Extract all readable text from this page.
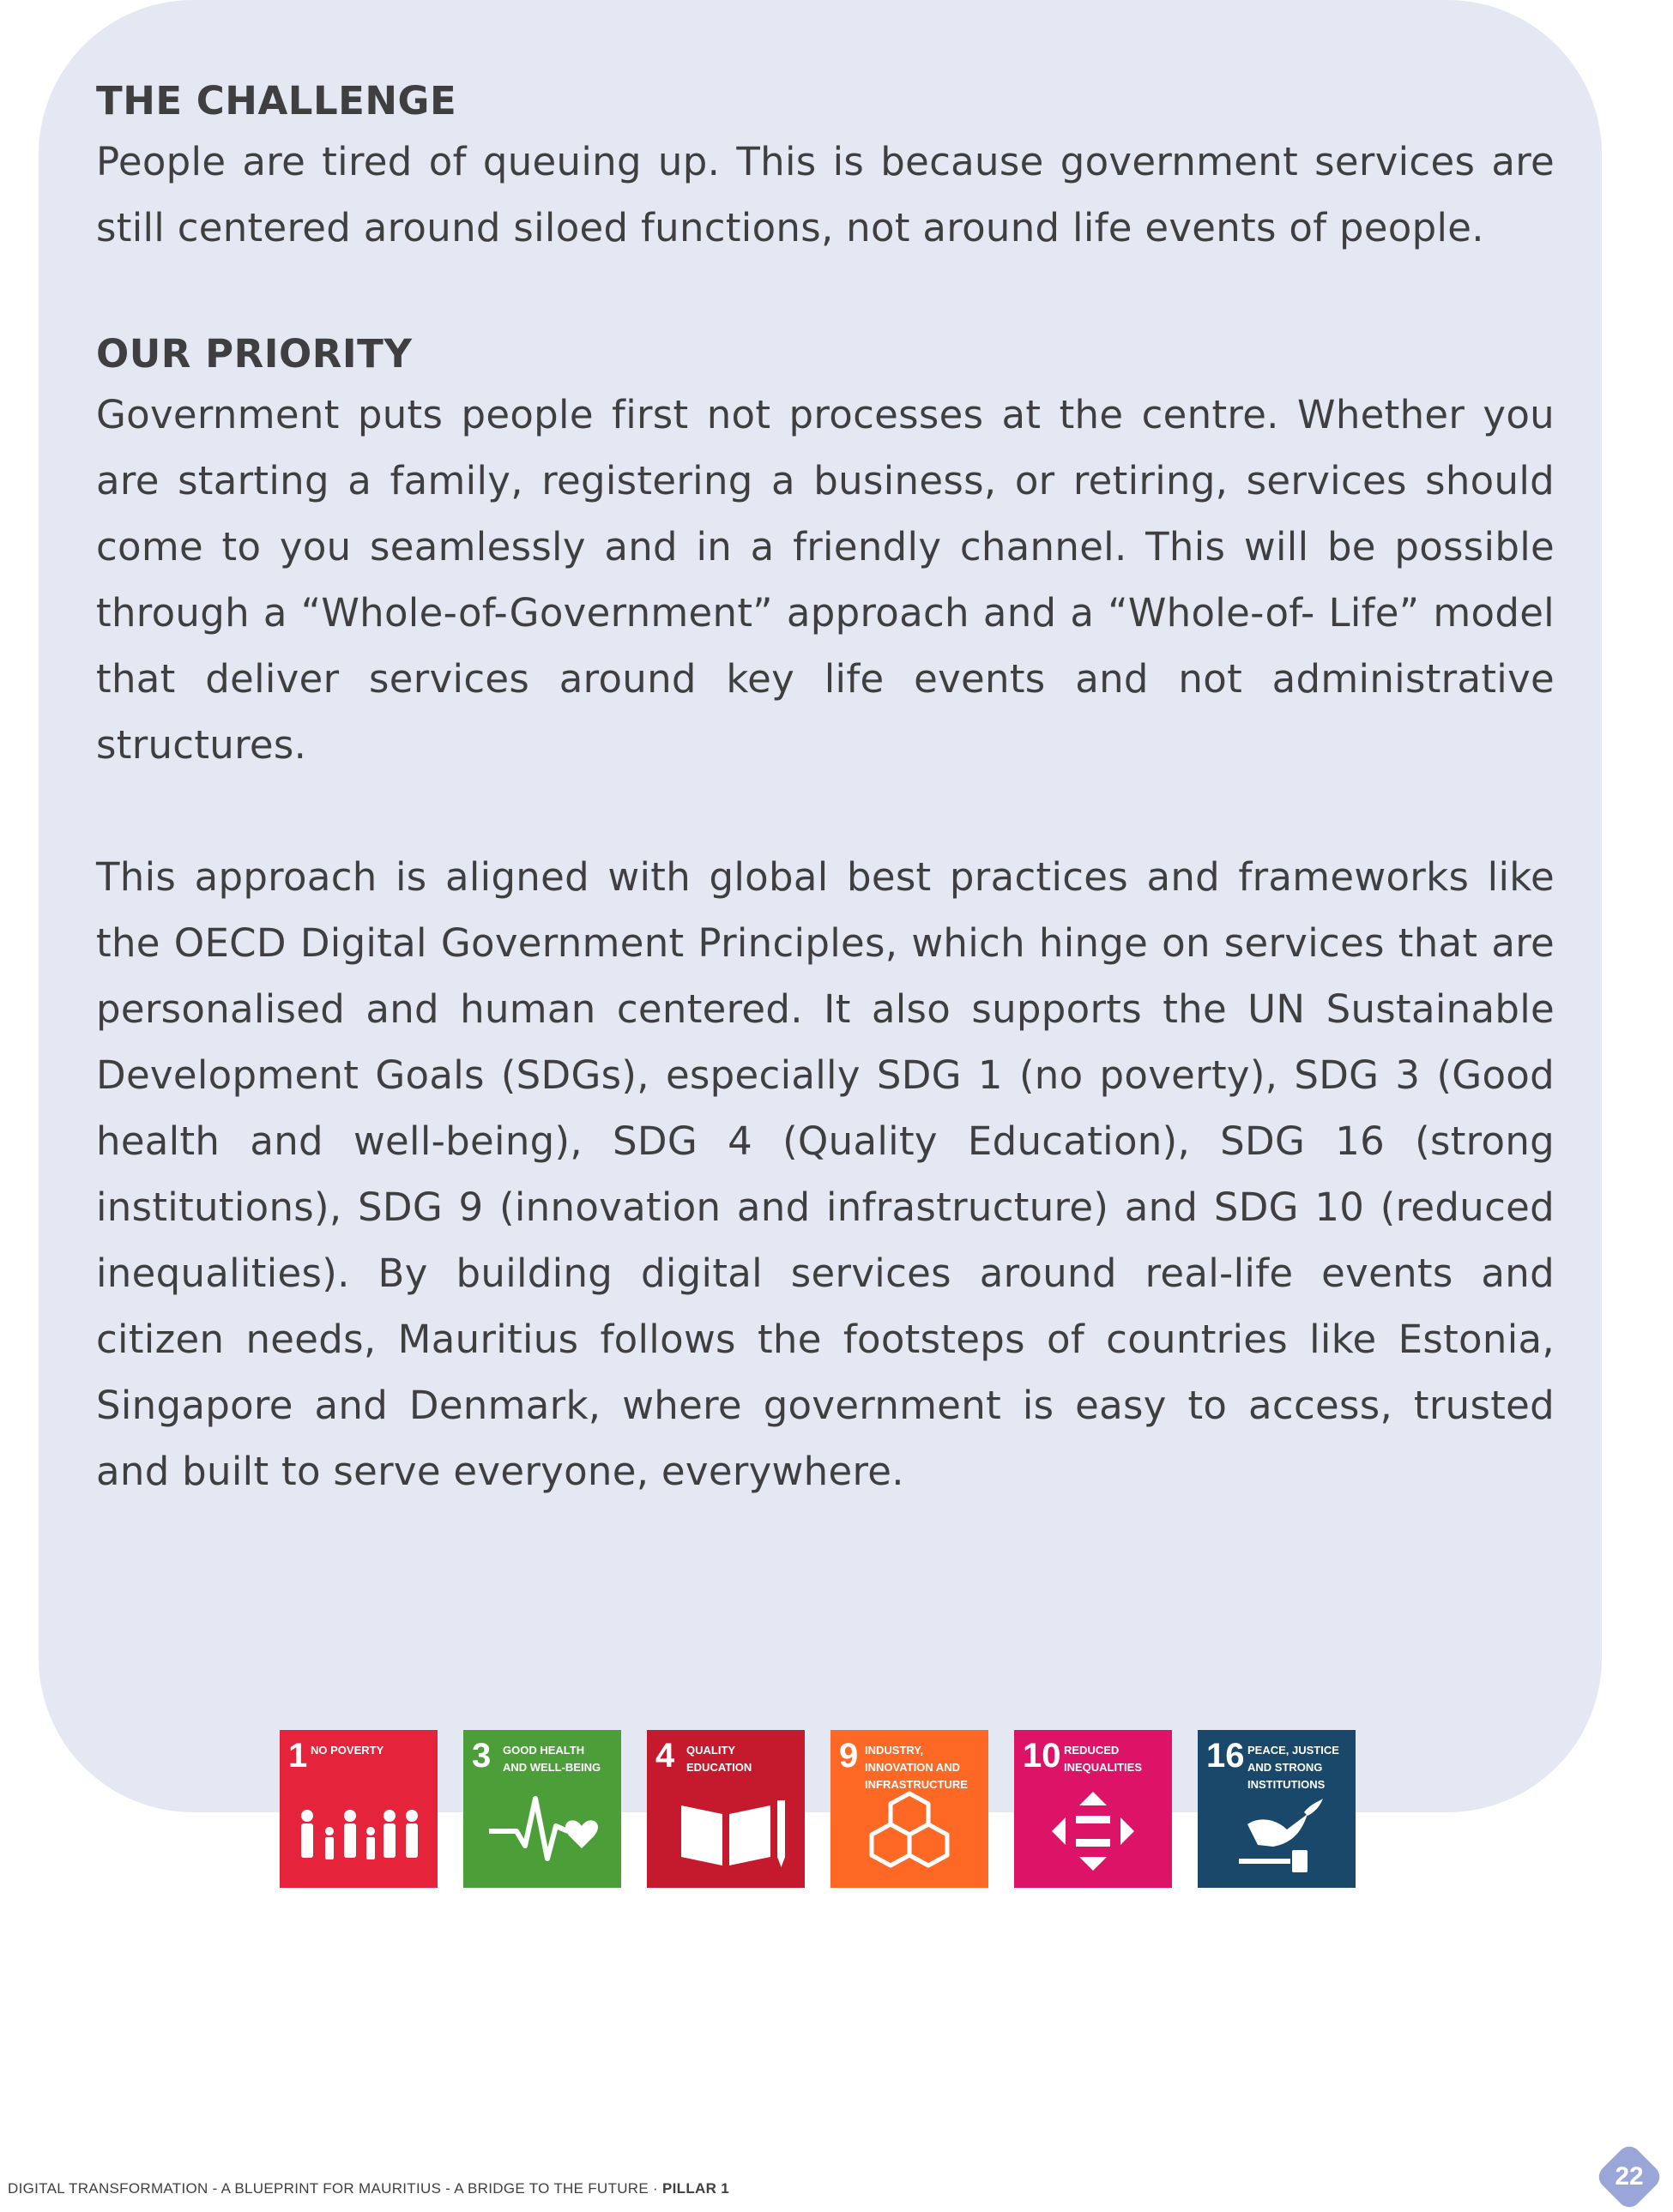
THE CHALLENGE

People are tired of queuing up. This is because government services are still centered around siloed functions, not around life events of people.

OUR PRIORITY

Government puts people first not processes at the centre. Whether you are starting a family, registering a business, or retiring, services should come to you seamlessly and in a friendly channel. This will be possible through a “Whole-of-Government” approach and a “Whole-of- Life” model that deliver services around key life events and not administrative structures.

This approach is aligned with global best practices and frameworks like the OECD Digital Government Principles, which hinge on services that are personalised and human centered. It also supports the UN Sustainable Development Goals (SDGs), especially SDG 1 (no poverty), SDG 3 (Good health and well-being), SDG 4 (Quality Education), SDG 16 (strong institutions), SDG 9 (innovation and infrastructure) and SDG 10 (reduced inequalities). By building digital services around real-life events and citizen needs, Mauritius follows the footsteps of countries like Estonia, Singapore and Denmark, where government is easy to access, trusted and built to serve everyone, everywhere.

1 NO POVERTY	3 GOOD HEALTH AND WELL-BEING 4 QUALITY EDUCATION	9 INDUSTRY, INNOVATION AND INFRASTRUCTURE
10 REDUCED INEQUALITIES	16 PEACE, JUSTICE AND STRONG INSTITUTIONS
DIGITAL TRANSFORMATION - A BLUEPRINT FOR MAURITIUS - A BRIDGE TO THE FUTURE · PILLAR 1	22
